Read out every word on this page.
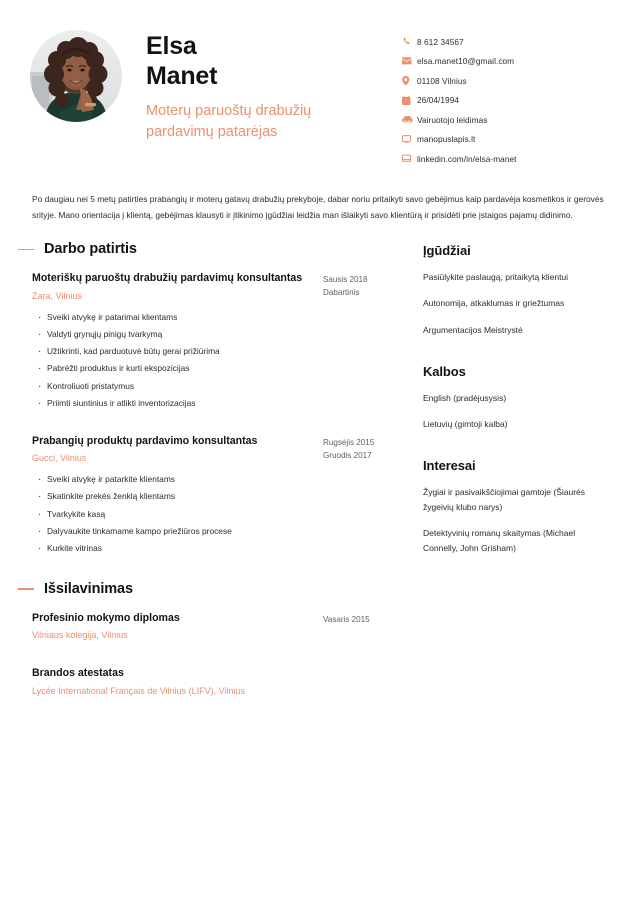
Elsa
Manet
Moterų paruoštų drabužių
pardavimų patarėjas
8 612 34567
elsa.manet10@gmail.com
01108 Vilnius
26/04/1994
Vairuotojo leidimas
manopuslapis.lt
linkedin.com/in/elsa-manet
Po daugiau nei 5 metų patirties prabangių ir moterų gatavų drabužių prekyboje, dabar noriu pritaikyti savo gebėjimus kaip pardavėja kosmetikos ir gerovės srityje. Mano orientacija į klientą, gebėjimas klausyti ir įtikinimo įgūdžiai leidžia man išlaikyti savo klientūrą ir prisidėti prie įstaigos pajamų didinimo.
Darbo patirtis
Moteriškų paruoštų drabužių pardavimų konsultantas
Zara, Vilnius
Sausis 2018
Dabartinis
· Sveiki atvykę ir patarimai klientams
· Valdyti grynųjų pinigų tvarkymą
· Užtikrinti, kad parduotuvė būtų gerai prižiūrima
· Pabrėžti produktus ir kurti ekspozicijas
· Kontroliuoti pristatymus
· Priimti siuntinius ir atlikti inventorizacijas
Prabangių produktų pardavimo konsultantas
Gucci, Vilnius
Rugsėjis 2015
Gruodis 2017
· Sveiki atvykę ir patarkite klientams
· Skatinkite prekės ženklą klientams
· Tvarkykite kasą
· Dalyvaukite tinkamame kampo priežiūros procese
· Kurkite vitrinas
Išsilavinimas
Profesinio mokymo diplomas
Vilniaus kolegija, Vilnius
Vasaris 2015
Brandos atestatas
Lycée International Français de Vilnius (LIFV), Vilnius
Įgūdžiai
Pasiūlykite paslaugą, pritaikytą klientui
Autonomija, atkaklumas ir griežtumas
Argumentacijos Meistrystė
Kalbos
English (pradėjusysis)
Lietuvių (gimtoji kalba)
Interesai
Žygiai ir pasivaikščiojimai gamtoje (Šiaurės žygeivių klubo narys)
Detektyvinių romanų skaitymas (Michael Connelly, John Grisham)
